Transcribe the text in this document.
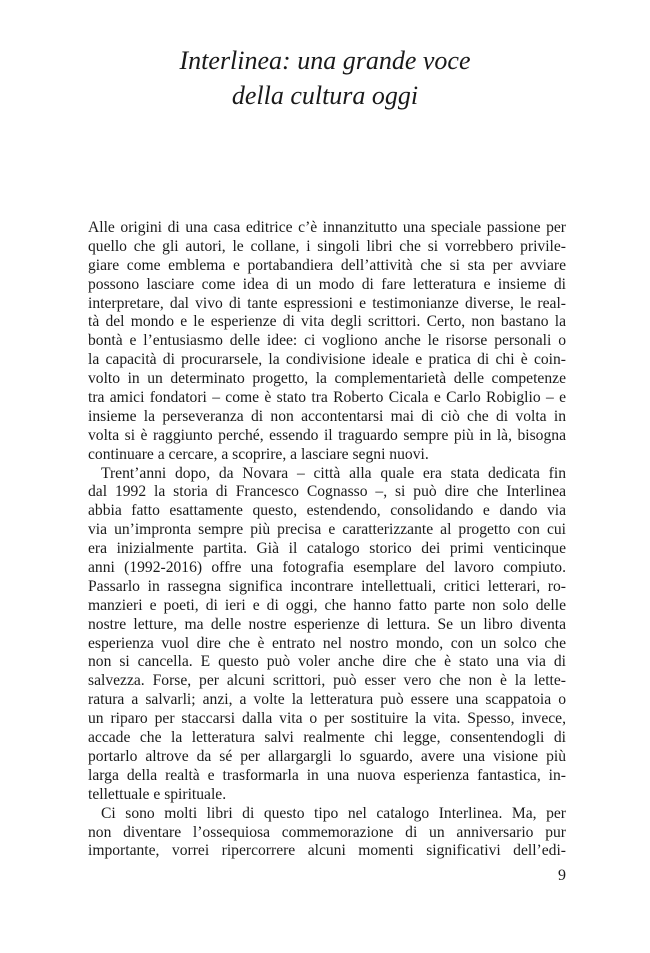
Interlinea: una grande voce
della cultura oggi
Alle origini di una casa editrice c’è innanzitutto una speciale passione per
quello che gli autori, le collane, i singoli libri che si vorrebbero privile-
giare come emblema e portabandiera dell’attività che si sta per avviare
possono lasciare come idea di un modo di fare letteratura e insieme di
interpretare, dal vivo di tante espressioni e testimonianze diverse, le real-
tà del mondo e le esperienze di vita degli scrittori. Certo, non bastano la
bontà e l’entusiasmo delle idee: ci vogliono anche le risorse personali o
la capacità di procurarsele, la condivisione ideale e pratica di chi è coin-
volto in un determinato progetto, la complementarietà delle competenze
tra amici fondatori – come è stato tra Roberto Cicala e Carlo Robiglio – e
insieme la perseveranza di non accontentarsi mai di ciò che di volta in
volta si è raggiunto perché, essendo il traguardo sempre più in là, bisogna
continuare a cercare, a scoprire, a lasciare segni nuovi.
Trent’anni dopo, da Novara – città alla quale era stata dedicata fin
dal 1992 la storia di Francesco Cognasso –, si può dire che Interlinea
abbia fatto esattamente questo, estendendo, consolidando e dando via
via un’impronta sempre più precisa e caratterizzante al progetto con cui
era inizialmente partita. Già il catalogo storico dei primi venticinque
anni (1992-2016) offre una fotografia esemplare del lavoro compiuto.
Passarlo in rassegna significa incontrare intellettuali, critici letterari, ro-
manzieri e poeti, di ieri e di oggi, che hanno fatto parte non solo delle
nostre letture, ma delle nostre esperienze di lettura. Se un libro diventa
esperienza vuol dire che è entrato nel nostro mondo, con un solco che
non si cancella. E questo può voler anche dire che è stato una via di
salvezza. Forse, per alcuni scrittori, può esser vero che non è la lette-
ratura a salvarli; anzi, a volte la letteratura può essere una scappatoia o
un riparo per staccarsi dalla vita o per sostituire la vita. Spesso, invece,
accade che la letteratura salvi realmente chi legge, consentendogli di
portarlo altrove da sé per allargargli lo sguardo, avere una visione più
larga della realtà e trasformarla in una nuova esperienza fantastica, in-
tellettuale e spirituale.
Ci sono molti libri di questo tipo nel catalogo Interlinea. Ma, per
non diventare l’ossequiosa commemorazione di un anniversario pur
importante, vorrei ripercorrere alcuni momenti significativi dell’edi-
9
